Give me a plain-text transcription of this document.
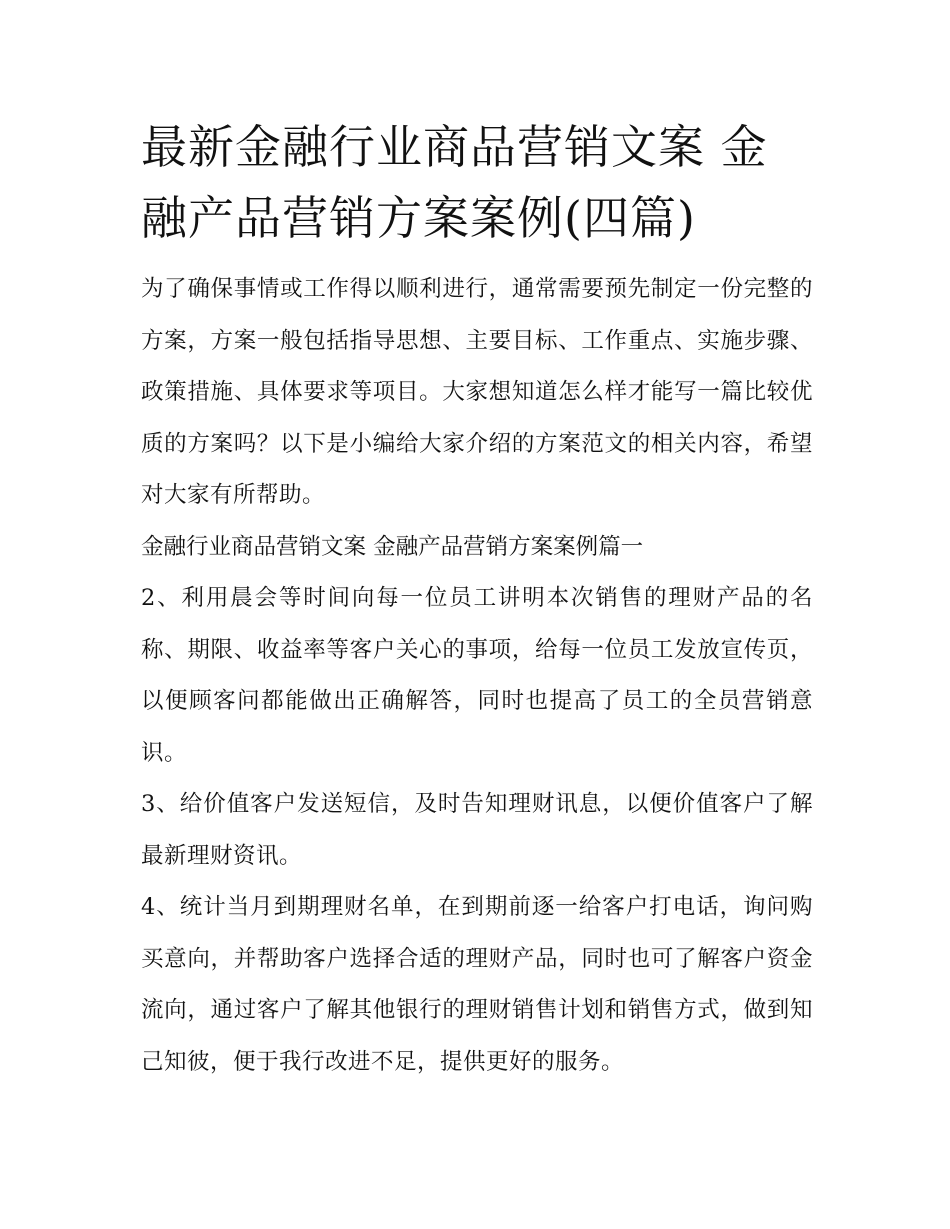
最新金融行业商品营销文案 金融产品营销方案案例(四篇)

为了确保事情或工作得以顺利进行，通常需要预先制定一份完整的方案，方案一般包括指导思想、主要目标、工作重点、实施步骤、政策措施、具体要求等项目。大家想知道怎么样才能写一篇比较优质的方案吗？以下是小编给大家介绍的方案范文的相关内容，希望对大家有所帮助。

金融行业商品营销文案 金融产品营销方案案例篇一

2、利用晨会等时间向每一位员工讲明本次销售的理财产品的名称、期限、收益率等客户关心的事项，给每一位员工发放宣传页，以便顾客问都能做出正确解答，同时也提高了员工的全员营销意识。

3、给价值客户发送短信，及时告知理财讯息，以便价值客户了解最新理财资讯。

4、统计当月到期理财名单，在到期前逐一给客户打电话，询问购买意向，并帮助客户选择合适的理财产品，同时也可了解客户资金流向，通过客户了解其他银行的理财销售计划和销售方式，做到知己知彼，便于我行改进不足，提供更好的服务。
